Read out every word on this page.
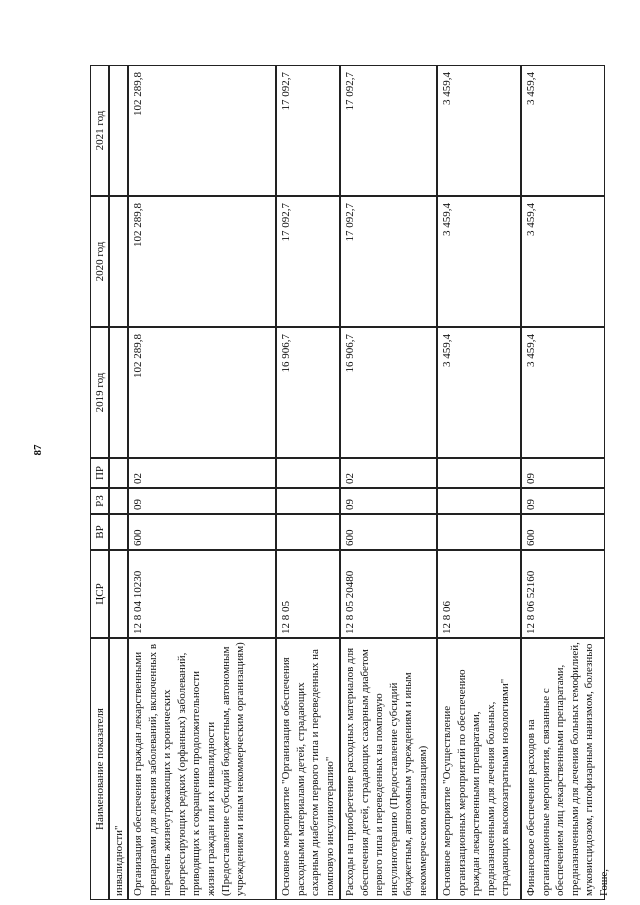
87
Наименование показателя
ЦСР
ВР
РЗ
ПР
2019 год
2020 год
2021 год
инвалидности" Организация обеспечения граждан лекарственными препаратами для лечения заболеваний, включенных в перечень жизнеугрожающих и хронических прогрессирующих редких (орфанных) заболеваний, приводящих к сокращению продолжительности жизни граждан или их инвалидности (Предоставление субсидий бюджетным, автономным учреждениям и иным некоммерческим организациям)
12 8 04 10230
600
09
02
102 289,8
102 289,8
102 289,8
Основное мероприятие "Организация обеспечения расходными материалами детей, страдающих сахарным диабетом первого типа и переведенных на помповую инсулинотерапию"
12 8 05
16 906,7
17 092,7
17 092,7
Расходы на приобретение расходных материалов для обеспечения детей, страдающих сахарным диабетом первого типа и переведенных на помповую инсулинотерапию (Предоставление субсидий бюджетным, автономным учреждениям и иным некоммерческим организациям)
12 8 05 20480
600
09
02
16 906,7
17 092,7
17 092,7
Основное мероприятие "Осуществление организационных мероприятий по обеспечению граждан лекарственными препаратами, предназначенными для лечения больных, страдающих высокозатратными нозологиями"
12 8 06
3 459,4
3 459,4
3 459,4
Финансовое обеспечение расходов на организационные мероприятия, связанные с обеспечением лиц лекарственными препаратами, предназначенными для лечения больных гемофилией, муковисцидозом, гипофизарным нанизмом, болезнью Гоше,
12 8 06 52160
600
09
09
3 459,4
3 459,4
3 459,4
